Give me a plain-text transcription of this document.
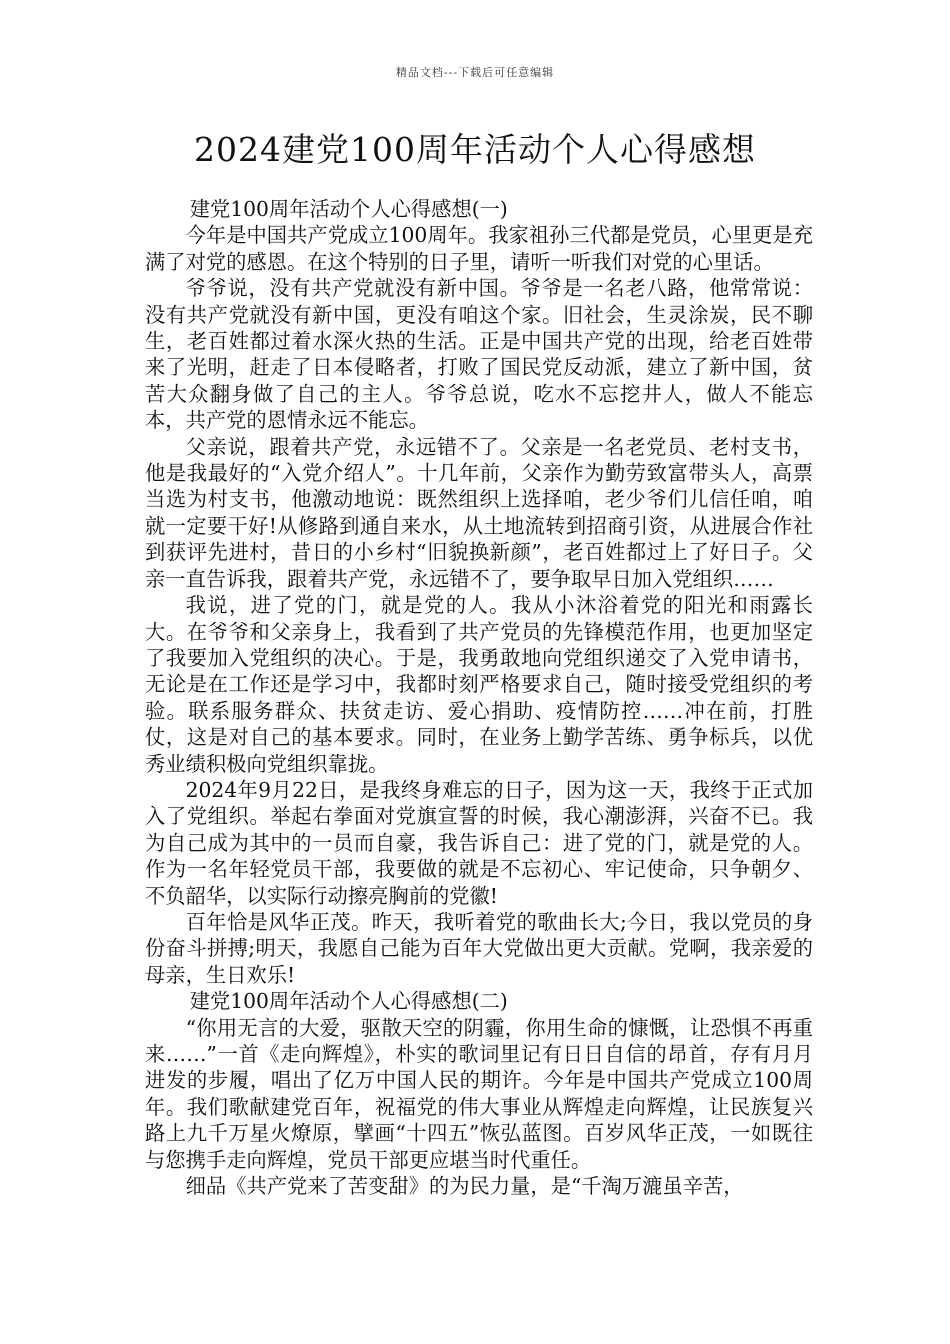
精品文档---下载后可任意编辑
2024建党100周年活动个人心得感想

建党100周年活动个人心得感想(一)

今年是中国共产党成立100周年。我家祖孙三代都是党员，心里更是充满了对党的感恩。在这个特别的日子里，请听一听我们对党的心里话。

爷爷说，没有共产党就没有新中国。爷爷是一名老八路，他常常说：没有共产党就没有新中国，更没有咱这个家。旧社会，生灵涂炭，民不聊生，老百姓都过着水深火热的生活。正是中国共产党的出现，给老百姓带来了光明，赶走了日本侵略者，打败了国民党反动派，建立了新中国，贫苦大众翻身做了自己的主人。爷爷总说，吃水不忘挖井人，做人不能忘本，共产党的恩情永远不能忘。

父亲说，跟着共产党，永远错不了。父亲是一名老党员、老村支书，他是我最好的“入党介绍人”。十几年前，父亲作为勤劳致富带头人，高票当选为村支书，他激动地说：既然组织上选择咱，老少爷们儿信任咱，咱就一定要干好!从修路到通自来水，从土地流转到招商引资，从进展合作社到获评先进村，昔日的小乡村“旧貌换新颜”，老百姓都过上了好日子。父亲一直告诉我，跟着共产党，永远错不了，要争取早日加入党组织……

我说，进了党的门，就是党的人。我从小沐浴着党的阳光和雨露长大。在爷爷和父亲身上，我看到了共产党员的先锋模范作用，也更加坚定了我要加入党组织的决心。于是，我勇敢地向党组织递交了入党申请书，无论是在工作还是学习中，我都时刻严格要求自己，随时接受党组织的考验。联系服务群众、扶贫走访、爱心捐助、疫情防控……冲在前，打胜仗，这是对自己的基本要求。同时，在业务上勤学苦练、勇争标兵，以优秀业绩积极向党组织靠拢。

2024年9月22日，是我终身难忘的日子，因为这一天，我终于正式加入了党组织。举起右拳面对党旗宣誓的时候，我心潮澎湃，兴奋不已。我为自己成为其中的一员而自豪，我告诉自己：进了党的门，就是党的人。作为一名年轻党员干部，我要做的就是不忘初心、牢记使命，只争朝夕、不负韶华，以实际行动擦亮胸前的党徽!

百年恰是风华正茂。昨天，我听着党的歌曲长大;今日，我以党员的身份奋斗拼搏;明天，我愿自己能为百年大党做出更大贡献。党啊，我亲爱的母亲，生日欢乐!

建党100周年活动个人心得感想(二)

“你用无言的大爱，驱散天空的阴霾，你用生命的慷慨，让恐惧不再重来……”一首《走向辉煌》，朴实的歌词里记有日日自信的昂首，存有月月进发的步履，唱出了亿万中国人民的期许。今年是中国共产党成立100周年。我们歌献建党百年，祝福党的伟大事业从辉煌走向辉煌，让民族复兴路上九千万星火燎原，擘画“十四五”恢弘蓝图。百岁风华正茂，一如既往与您携手走向辉煌，党员干部更应堪当时代重任。

细品《共产党来了苦变甜》的为民力量，是“千淘万漉虽辛苦，
